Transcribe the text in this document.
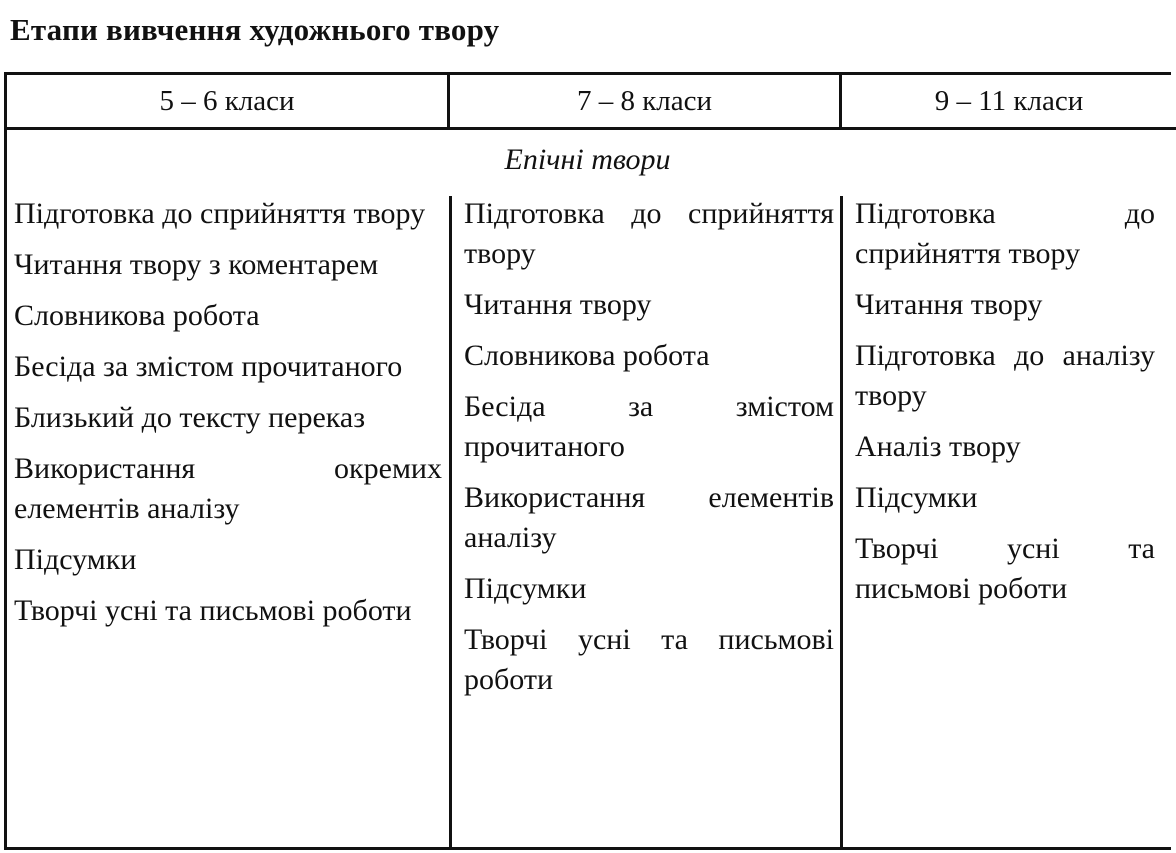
Етапи вивчення художнього твору
5 – 6 класи	7 – 8 класи	9 – 11 класи
Епічні твори
Підготовка до сприйняття твору
Читання твору з коментарем
Словникова робота
Бесіда за змістом прочитаного
Близький до тексту переказ
Використання окремих елементів аналізу
Підсумки
Творчі усні та письмові роботи
Підготовка до сприйняття твору
Читання твору
Словникова робота
Бесіда за змістом прочитаного
Використання елементів аналізу
Підсумки
Творчі усні та письмові роботи
Підготовка до сприйняття твору
Читання твору
Підготовка до аналізу твору
Аналіз твору
Підсумки
Творчі усні та письмові роботи
